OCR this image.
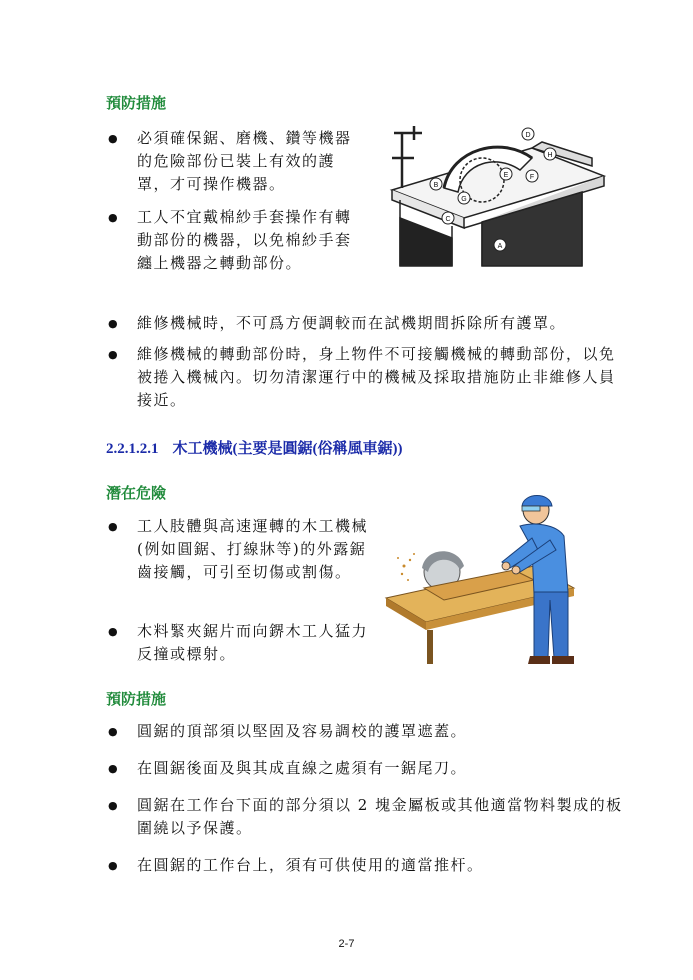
預防措施
● 必須確保鋸、磨機、鑽等機器的危險部份已裝上有效的護罩，才可操作機器。
● 工人不宜戴棉紗手套操作有轉動部份的機器，以免棉紗手套纏上機器之轉動部份。
● 維修機械時，不可爲方便調較而在試機期間拆除所有護罩。
● 維修機械的轉動部份時，身上物件不可接觸機械的轉動部份，以免被捲入機械內。切勿清潔運行中的機械及採取措施防止非維修人員接近。
A
B
C
D
E	F
G
H
2.2.1.2.1 木工機械(主要是圓鋸(俗稱風車鋸))
潛在危險
● 工人肢體與高速運轉的木工機械(例如圓鋸、打線牀等)的外露鋸齒接觸，可引至切傷或割傷。
● 木料緊夾鋸片而向鎅木工人猛力反撞或標射。
預防措施
● 圓鋸的頂部須以堅固及容易調校的護罩遮蓋。
● 在圓鋸後面及與其成直線之處須有一鋸尾刀。
● 圓鋸在工作台下面的部分須以 2 塊金屬板或其他適當物料製成的板圍繞以予保護。
● 在圓鋸的工作台上，須有可供使用的適當推杆。
2-7
